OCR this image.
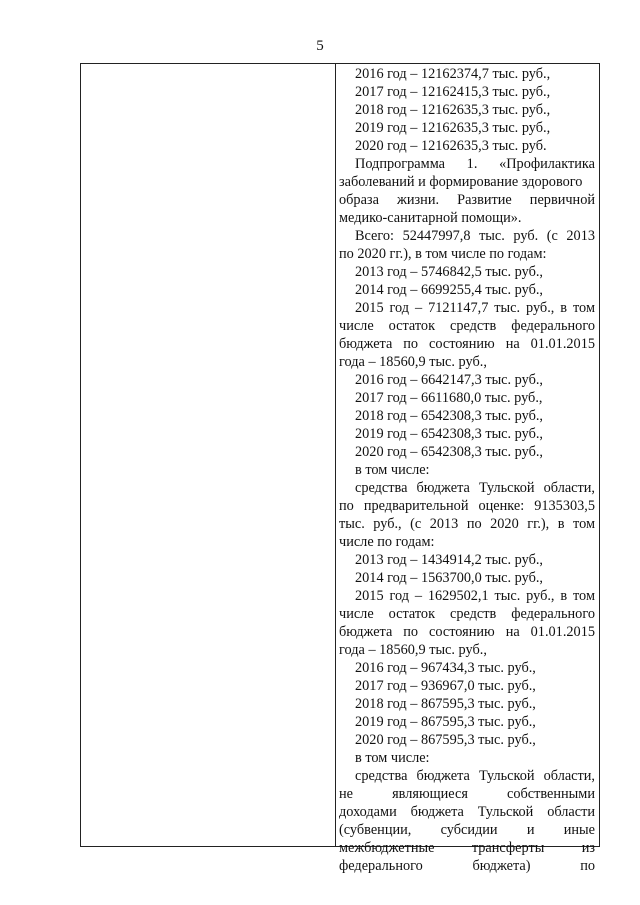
5
2016 год – 12162374,7 тыс. руб.,
2017 год – 12162415,3 тыс. руб.,
2018 год – 12162635,3 тыс. руб.,
2019 год – 12162635,3 тыс. руб.,
2020 год – 12162635,3 тыс. руб.
Подпрограмма 1. «Профилактика
заболеваний и формирование здорового
образа жизни. Развитие первичной
медико-санитарной помощи».
Всего: 52447997,8 тыс. руб. (с 2013
по 2020 гг.), в том числе по годам:
2013 год – 5746842,5 тыс. руб.,
2014 год – 6699255,4 тыс. руб.,
2015 год – 7121147,7 тыс. руб., в том
числе остаток средств федерального
бюджета по состоянию на 01.01.2015
года – 18560,9 тыс. руб.,
2016 год – 6642147,3 тыс. руб.,
2017 год – 6611680,0 тыс. руб.,
2018 год – 6542308,3 тыс. руб.,
2019 год – 6542308,3 тыс. руб.,
2020 год – 6542308,3 тыс. руб.,
в том числе:
средства бюджета Тульской области,
по предварительной оценке: 9135303,5
тыс. руб., (с 2013 по 2020 гг.), в том
числе по годам:
2013 год – 1434914,2 тыс. руб.,
2014 год – 1563700,0 тыс. руб.,
2015 год – 1629502,1 тыс. руб., в том
числе остаток средств федерального
бюджета по состоянию на 01.01.2015
года – 18560,9 тыс. руб.,
2016 год – 967434,3 тыс. руб.,
2017 год – 936967,0 тыс. руб.,
2018 год – 867595,3 тыс. руб.,
2019 год – 867595,3 тыс. руб.,
2020 год – 867595,3 тыс. руб.,
в том числе:
средства бюджета Тульской области,
не являющиеся собственными
доходами бюджета Тульской области
(субвенции, субсидии и иные
межбюджетные трансферты из
федерального бюджета) по
